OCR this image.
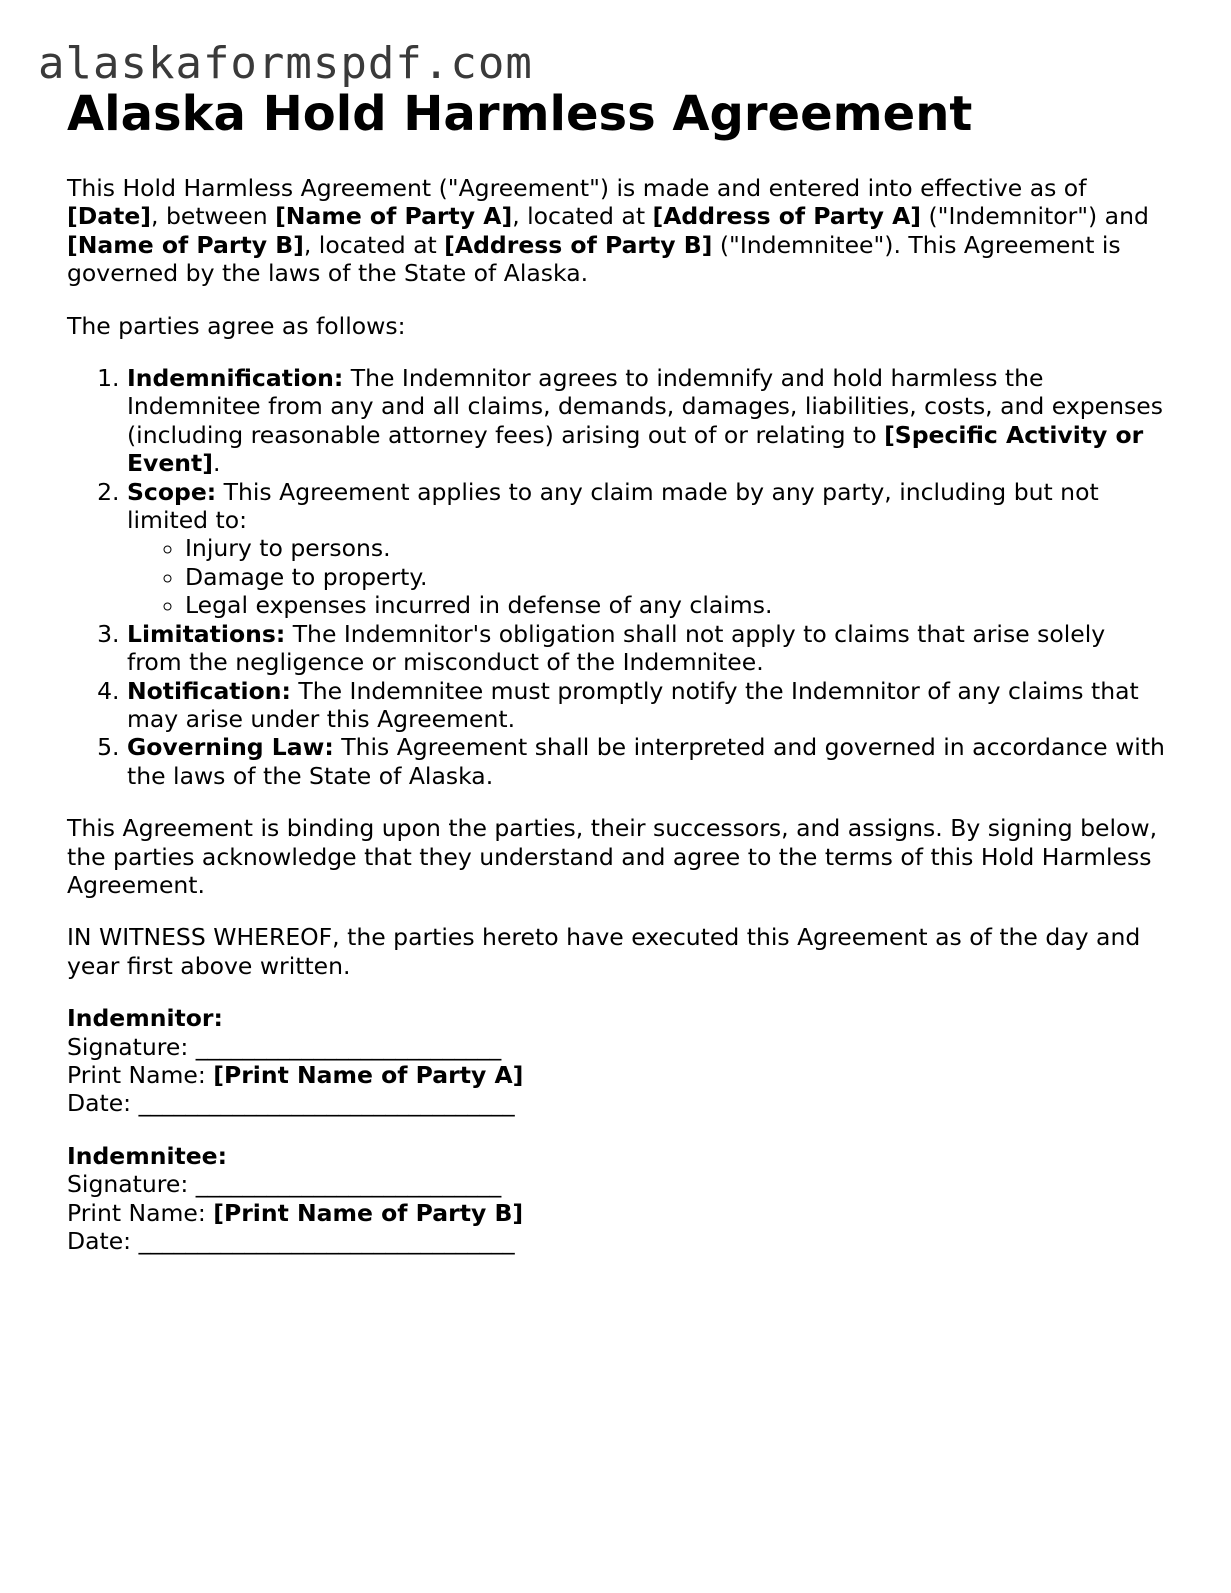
alaskaformspdf.com
Alaska Hold Harmless Agreement

This Hold Harmless Agreement ("Agreement") is made and entered into effective as of [Date], between [Name of Party A], located at [Address of Party A] ("Indemnitor") and [Name of Party B], located at [Address of Party B] ("Indemnitee"). This Agreement is governed by the laws of the State of Alaska.

The parties agree as follows:

1. Indemnification: The Indemnitor agrees to indemnify and hold harmless the Indemnitee from any and all claims, demands, damages, liabilities, costs, and expenses (including reasonable attorney fees) arising out of or relating to [Specific Activity or Event].
2. Scope: This Agreement applies to any claim made by any party, including but not limited to:
◦ Injury to persons.
◦ Damage to property.
◦ Legal expenses incurred in defense of any claims.
3. Limitations: The Indemnitor's obligation shall not apply to claims that arise solely from the negligence or misconduct of the Indemnitee.
4. Notification: The Indemnitee must promptly notify the Indemnitor of any claims that may arise under this Agreement.
5. Governing Law: This Agreement shall be interpreted and governed in accordance with the laws of the State of Alaska.

This Agreement is binding upon the parties, their successors, and assigns. By signing below, the parties acknowledge that they understand and agree to the terms of this Hold Harmless Agreement.

IN WITNESS WHEREOF, the parties hereto have executed this Agreement as of the day and year first above written.

Indemnitor:
Signature: __________________________
Print Name: [Print Name of Party A]
Date: ________________________________
Indemnitee:
Signature: __________________________
Print Name: [Print Name of Party B]
Date: ________________________________
